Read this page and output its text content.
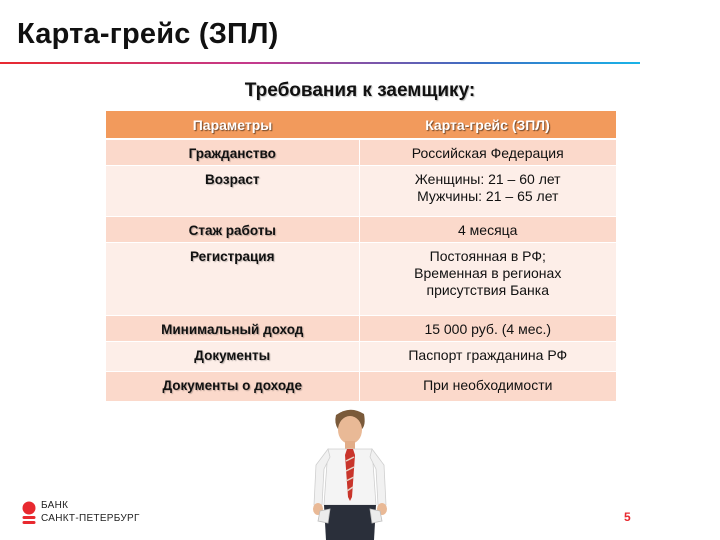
Карта-грейс (ЗПЛ)
Требования к заемщику:
Параметры	Карта-грейс (ЗПЛ)
Гражданство	Российская Федерация

Возраст	Женщины: 21 – 60 лет
Мужчины: 21 – 65 лет

Стаж работы	4 месяца

Регистрация	Постоянная в РФ;
Временная в регионах
присутствия Банка

Минимальный доход	15 000 руб. (4 мес.)

Документы	Паспорт гражданина РФ

Документы о доходе	При необходимости
БАНК
САНКТ-ПЕТЕРБУРГ	5
